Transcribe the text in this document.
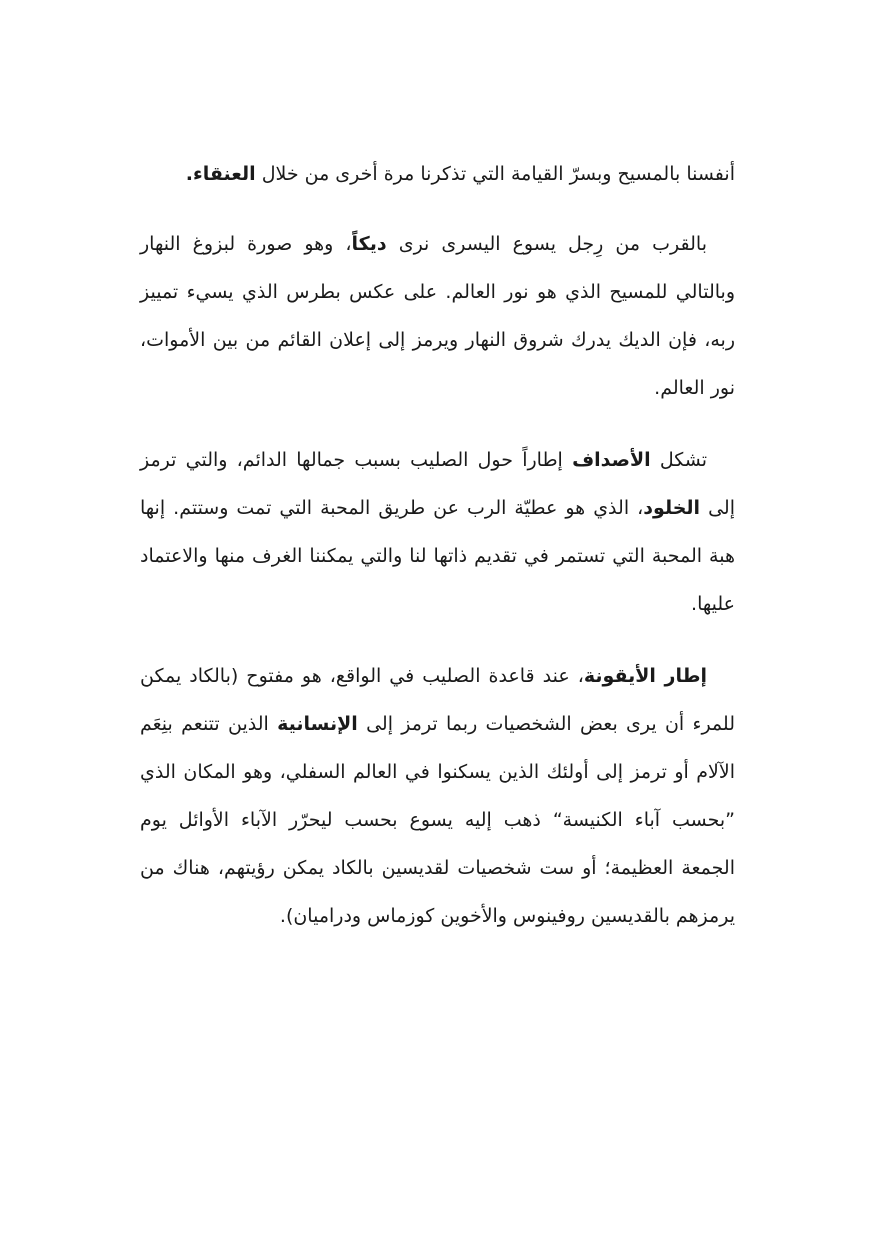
أنفسنا بالمسيح وبسرّ القيامة التي تذكرنا مرة أخرى من خلال العنقاء.

بالقرب من رِجل يسوع اليسرى نرى ديكاً، وهو صورة لبزوغ النهار وبالتالي للمسيح الذي هو نور العالم. على عكس بطرس الذي يسيء تمييز ربه، فإن الديك يدرك شروق النهار ويرمز إلى إعلان القائم من بين الأموات، نور العالم.

تشكل الأصداف إطاراً حول الصليب بسبب جمالها الدائم، والتي ترمز إلى الخلود، الذي هو عطيّة الرب عن طريق المحبة التي تمت وستتم. إنها هبة المحبة التي تستمر في تقديم ذاتها لنا والتي يمكننا الغرف منها والاعتماد عليها.

إطار الأيقونة، عند قاعدة الصليب في الواقع، هو مفتوح (بالكاد يمكن للمرء أن يرى بعض الشخصيات ربما ترمز إلى الإنسانية الذين تتنعم بنِعَم الآلام أو ترمز إلى أولئك الذين يسكنوا في العالم السفلي، وهو المكان الذي ”بحسب آباء الكنيسة“ ذهب إليه يسوع بحسب ليحرّر الآباء الأوائل يوم الجمعة العظيمة؛ أو ست شخصيات لقديسين بالكاد يمكن رؤيتهم، هناك من يرمزهم بالقديسين روفينوس والأخوين كوزماس ودراميان).
